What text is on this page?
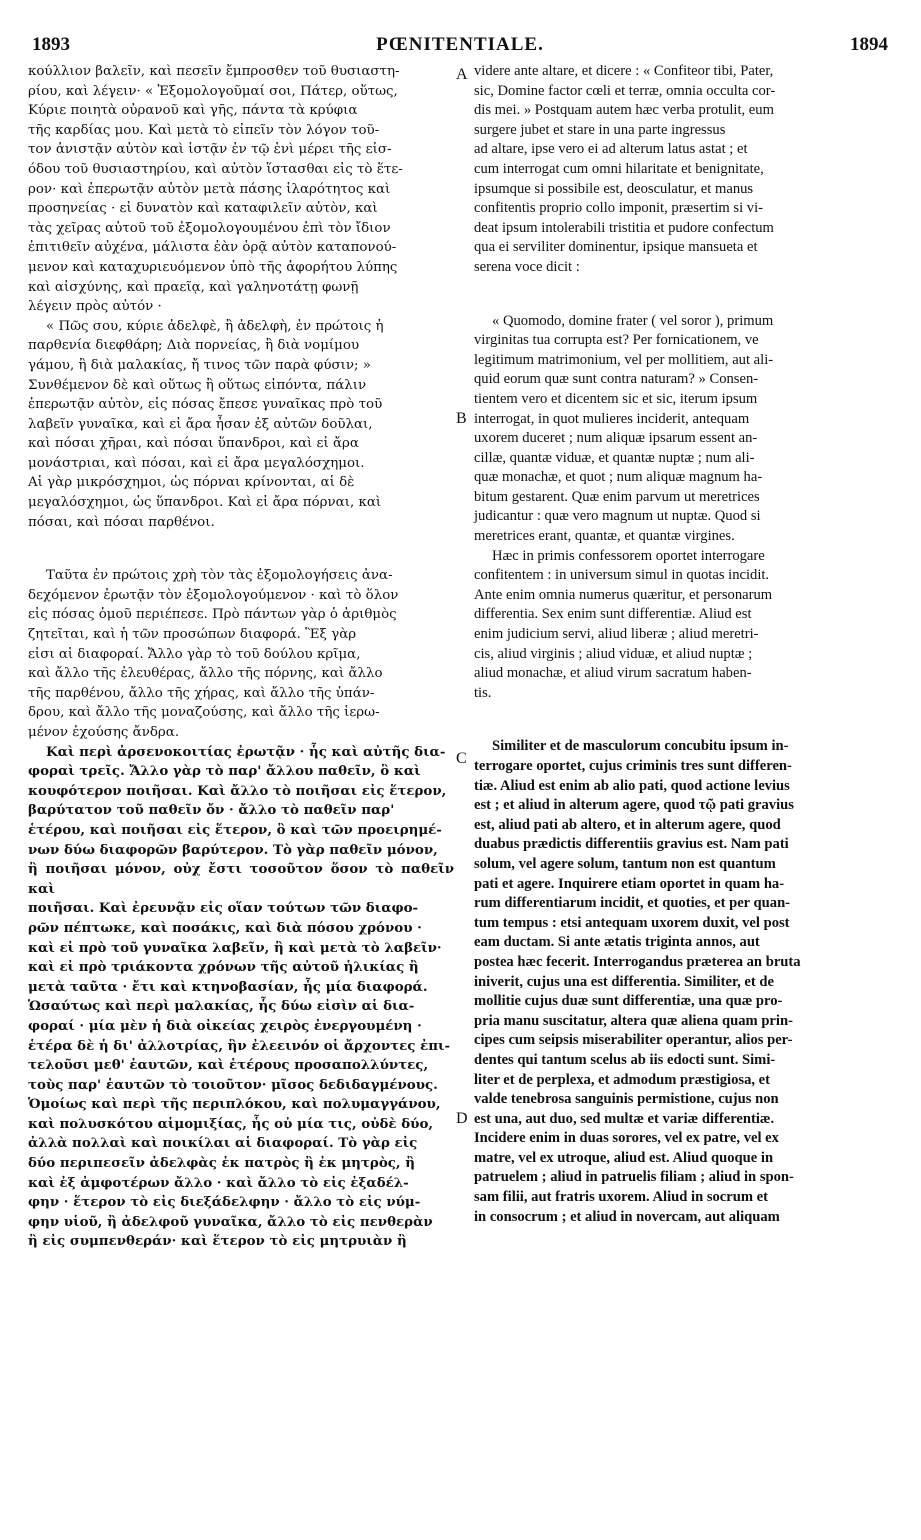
1893	PŒNITENTIALE.	1894

κούλλιον βαλεῖν, καὶ πεσεῖν ἔμπροσθεν τοῦ θυσιαστη-
ρίου, καὶ λέγειν· « Ἐξομολογοῦμαί σοι, Πάτερ, οὕτως,
Κύριε ποιητὰ οὐρανοῦ καὶ γῆς, πάντα τὰ κρύφια
τῆς καρδίας μου. Καὶ μετὰ τὸ εἰπεῖν τὸν λόγον τοῦ-
τον ἀνιστᾷν αὐτὸν καὶ ἱστᾷν ἐν τῷ ἑνὶ μέρει τῆς εἰσ-
όδου τοῦ θυσιαστηρίου, καὶ αὐτὸν ἵστασθαι εἰς τὸ ἕτε-
ρον· καὶ ἐπερωτᾷν αὐτὸν μετὰ πάσης ἱλαρότητος καὶ
προσηνείας · εἰ δυνατὸν καὶ καταφιλεῖν αὐτὸν, καὶ
τὰς χεῖρας αὐτοῦ τοῦ ἐξομολογουμένου ἐπὶ τὸν ἴδιον
ἐπιτιθεῖν αὐχένα, μάλιστα ἐὰν ὁρᾷ αὐτὸν καταπονού-
μενον καὶ καταχυριευόμενον ὑπὸ τῆς ἀφορήτου λύπης
καὶ αἰσχύνης, καὶ πραεῖᾳ, καὶ γαληνοτάτῃ φωνῇ
λέγειν πρὸς αὐτόν ·

« Πῶς σου, κύριε ἀδελφὲ, ἢ ἀδελφὴ, ἐν πρώτοις ἡ
παρθενία διεφθάρη; Διὰ πορνείας, ἢ διὰ νομίμου
γάμου, ἢ διὰ μαλακίας, ἤ τινος τῶν παρὰ φύσιν; »
Συνθέμενον δὲ καὶ οὕτως ἢ οὕτως εἰπόντα, πάλιν
ἐπερωτᾷν αὐτὸν, εἰς πόσας ἔπεσε γυναῖκας πρὸ τοῦ
λαβεῖν γυναῖκα, καὶ εἰ ἄρα ἦσαν ἐξ αὐτῶν δοῦλαι,
καὶ πόσαι χῆραι, καὶ πόσαι ὕπανδροι, καὶ εἰ ἄρα
μονάστριαι, καὶ πόσαι, καὶ εἰ ἄρα μεγαλόσχημοι.
Αἱ γὰρ μικρόσχημοι, ὡς πόρναι κρίνονται, αἱ δὲ
μεγαλόσχημοι, ὡς ὕπανδροι. Καὶ εἰ ἄρα πόρναι, καὶ
πόσαι, καὶ πόσαι παρθένοι.

Ταῦτα ἐν πρώτοις χρὴ τὸν τὰς ἐξομολογήσεις ἀνα-
δεχόμενον ἐρωτᾷν τὸν ἐξομολογούμενον · καὶ τὸ ὅλον
εἰς πόσας ὁμοῦ περιέπεσε. Πρὸ πάντων γὰρ ὁ ἀριθμὸς
ζητεῖται, καὶ ἡ τῶν προσώπων διαφορά. Ἓξ γὰρ
εἰσι αἱ διαφοραί. Ἄλλο γὰρ τὸ τοῦ δούλου κρῖμα,
καὶ ἄλλο τῆς ἐλευθέρας, ἄλλο τῆς πόρνης, καὶ ἄλλο
τῆς παρθένου, ἄλλο τῆς χήρας, καὶ ἄλλο τῆς ὑπάν-
δρου, καὶ ἄλλο τῆς μοναζούσης, καὶ ἄλλο τῆς ἱερω-
μένον ἐχούσης ἄνδρα.

Καὶ περὶ ἀρσενοκοιτίας ἐρωτᾷν · ἧς καὶ αὐτῆς δια-
φοραὶ τρεῖς. Ἄλλο γὰρ τὸ παρ' ἄλλου παθεῖν, ὃ καὶ
κουφότερον ποιῆσαι. Καὶ ἄλλο τὸ ποιῆσαι εἰς ἕτερον,
βαρύτατον τοῦ παθεῖν ὄν · ἄλλο τὸ παθεῖν παρ'
ἑτέρου, καὶ ποιῆσαι εἰς ἕτερον, ὃ καὶ τῶν προειρημέ-
νων δύω διαφορῶν βαρύτερον. Τὸ γὰρ παθεῖν μόνον,
ἢ ποιῆσαι μόνον, οὐχ ἔστι τοσοῦτον ὅσον τὸ παθεῖν καὶ
ποιῆσαι. Καὶ ἐρευνᾷν εἰς οἵαν τούτων τῶν διαφο-
ρῶν πέπτωκε, καὶ ποσάκις, καὶ διὰ πόσου χρόνου ·
καὶ εἰ πρὸ τοῦ γυναῖκα λαβεῖν, ἢ καὶ μετὰ τὸ λαβεῖν·
καὶ εἰ πρὸ τριάκοντα χρόνων τῆς αὐτοῦ ἡλικίας ἢ
μετὰ ταῦτα · ἔτι καὶ κτηνοβασίαν, ἧς μία διαφορά.
Ὡσαύτως καὶ περὶ μαλακίας, ἧς δύω εἰσὶν αἱ δια-
φοραί · μία μὲν ἡ διὰ οἰκείας χειρὸς ἐνεργουμένη ·
ἑτέρα δὲ ἡ δι' ἀλλοτρίας, ἣν ἐλεεινόν οἱ ἄρχοντες ἐπι-
τελοῦσι μεθ' ἑαυτῶν, καὶ ἑτέρους προσαπολλύντες,
τοὺς παρ' ἑαυτῶν τὸ τοιοῦτον· μῖσος δεδιδαγμένους.
Ὁμοίως καὶ περὶ τῆς περιπλόκου, καὶ πολυμαγγάνου,
καὶ πολυσκότου αἱμομιξίας, ἧς οὐ μία τις, οὐδὲ δύο,
ἀλλὰ πολλαὶ καὶ ποικίλαι αἱ διαφοραί. Τὸ γὰρ εἰς
δύο περιπεσεῖν ἀδελφὰς ἐκ πατρὸς ἢ ἐκ μητρὸς, ἢ
καὶ ἐξ ἀμφοτέρων ἄλλο · καὶ ἄλλο τὸ εἰς ἐξαδέλ-
φην · ἕτερον τὸ εἰς διεξάδελφην · ἄλλο τὸ εἰς νύμ-
φην υἱοῦ, ἢ ἀδελφοῦ γυναῖκα, ἄλλο τὸ εἰς πενθερὰν
ἢ εἰς συμπενθεράν· καὶ ἕτερον τὸ εἰς μητρυιὰν ἢ

videre ante altare, et dicere : « Confiteor tibi, Pater,
sic, Domine factor cœli et terræ, omnia occulta cor-
dis mei. » Postquam autem hæc verba protulit, eum
surgere jubet et stare in una parte ingressus
ad altare, ipse vero ei ad alterum latus astat ; et
cum interrogat cum omni hilaritate et benignitate,
ipsumque si possibile est, deosculatur, et manus
confitentis proprio collo imponit, præsertim si vi-
deat ipsum intolerabili tristitia et pudore confectum
qua ei serviliter dominentur, ipsique mansueta et
serena voce dicit :

« Quomodo, domine frater ( vel soror ), primum
virginitas tua corrupta est? Per fornicationem, ve
legitimum matrimonium, vel per mollitiem, aut ali-
quid eorum quæ sunt contra naturam? » Consen-
tientem vero et dicentem sic et sic, iterum ipsum
interrogat, in quot mulieres inciderit, antequam
uxorem duceret ; num aliquæ ipsarum essent an-
cillæ, quantæ viduæ, et quantæ nuptæ ; num ali-
quæ monachæ, et quot ; num aliquæ magnum ha-
bitum gestarent. Quæ enim parvum ut meretrices
judicantur : quæ vero magnum ut nuptæ. Quod si
meretrices erant, quantæ, et quantæ virgines.

Hæc in primis confessorem oportet interrogare
confitentem : in universum simul in quotas incidit.
Ante enim omnia numerus quæritur, et personarum
differentia. Sex enim sunt differentiæ. Aliud est
enim judicium servi, aliud liberæ ; aliud meretri-
cis, aliud virginis ; aliud viduæ, et aliud nuptæ ;
aliud monachæ, et aliud virum sacratum haben-
tis.

Similiter et de masculorum concubitu ipsum in-
terrogare oportet, cujus criminis tres sunt differen-
tiæ. Aliud est enim ab alio pati, quod actione levius
est ; et aliud in alterum agere, quod τῷ pati gravius
est, aliud pati ab altero, et in alterum agere, quod
duabus prædictis differentiis gravius est. Nam pati
solum, vel agere solum, tantum non est quantum
pati et agere. Inquirere etiam oportet in quam ha-
rum differentiarum incidit, et quoties, et per quan-
tum tempus : etsi antequam uxorem duxit, vel post
eam ductam. Si ante ætatis triginta annos, aut
postea hæc fecerit. Interrogandus præterea an bruta
iniverit, cujus una est differentia. Similiter, et de
mollitie cujus duæ sunt differentiæ, una quæ pro-
pria manu suscitatur, altera quæ aliena quam prin-
cipes cum seipsis miserabiliter operantur, alios per-
dentes qui tantum scelus ab iis edocti sunt. Simi-
liter et de perplexa, et admodum præstigiosa, et
valde tenebrosa sanguinis permistione, cujus non
est una, aut duo, sed multæ et variæ differentiæ.
Incidere enim in duas sorores, vel ex patre, vel ex
matre, vel ex utroque, aliud est. Aliud quoque in
patruelem ; aliud in patruelis filiam ; aliud in spon-
sam filii, aut fratris uxorem. Aliud in socrum et
in consocrum ; et aliud in novercam, aut aliquam

A
B
C
D
